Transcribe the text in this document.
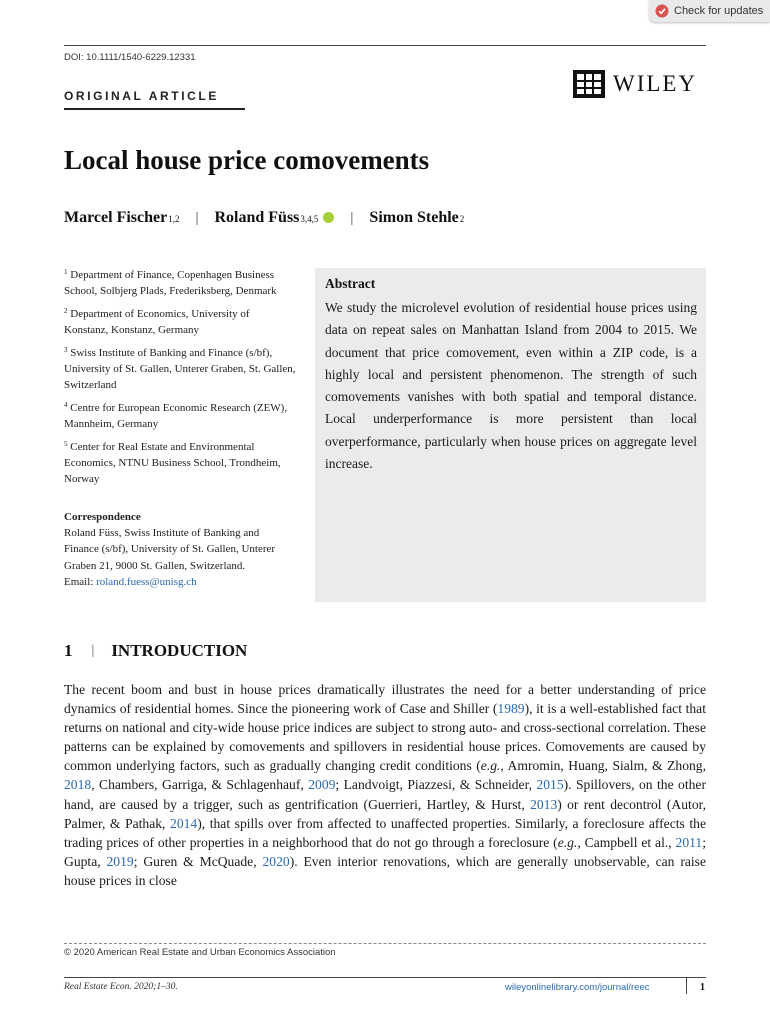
Check for updates
DOI: 10.1111/1540-6229.12331
ORIGINAL ARTICLE	WILEY
Local house price comovements
Marcel Fischer 1,2 | Roland Füss 3,4,5 | Simon Stehle 2
$^1$ Department of Finance, Copenhagen Business School, Solbjerg Plads, Frederiksberg, Denmark
$^2$ Department of Economics, University of Konstanz, Konstanz, Germany
$^3$ Swiss Institute of Banking and Finance (s/bf), University of St. Gallen, Unterer Graben, St. Gallen, Switzerland
$^4$ Centre for European Economic Research (ZEW), Mannheim, Germany
$^5$ Center for Real Estate and Environmental Economics, NTNU Business School, Trondheim, Norway
Correspondence
Roland Füss, Swiss Institute of Banking and Finance (s/bf), University of St. Gallen, Unterer Graben 21, 9000 St. Gallen, Switzerland.
Email: roland.fuess@unisg.ch
Abstract
We study the microlevel evolution of residential house prices using data on repeat sales on Manhattan Island from 2004 to 2015. We document that price comovement, even within a ZIP code, is a highly local and persistent phenomenon. The strength of such comovements vanishes with both spatial and temporal distance. Local underperformance is more persistent than local overperformance, particularly when house prices on aggregate level increase.
1 | INTRODUCTION
The recent boom and bust in house prices dramatically illustrates the need for a better understanding of price dynamics of residential homes. Since the pioneering work of Case and Shiller (1989), it is a well-established fact that returns on national and city-wide house price indices are subject to strong auto- and cross-sectional correlation. These patterns can be explained by comovements and spillovers in residential house prices. Comovements are caused by common underlying factors, such as gradually changing credit conditions (e.g., Amromin, Huang, Sialm, & Zhong, 2018, Chambers, Garriga, & Schlagenhauf, 2009; Landvoigt, Piazzesi, & Schneider, 2015). Spillovers, on the other hand, are caused by a trigger, such as gentrification (Guerrieri, Hartley, & Hurst, 2013) or rent decontrol (Autor, Palmer, & Pathak, 2014), that spills over from affected to unaffected properties. Similarly, a foreclosure affects the trading prices of other properties in a neighborhood that do not go through a foreclosure (e.g., Campbell et al., 2011; Gupta, 2019; Guren & McQuade, 2020). Even interior renovations, which are generally unobservable, can raise house prices in close
© 2020 American Real Estate and Urban Economics Association
Real Estate Econ. 2020;1–30.	wileyonlinelibrary.com/journal/reec	1
